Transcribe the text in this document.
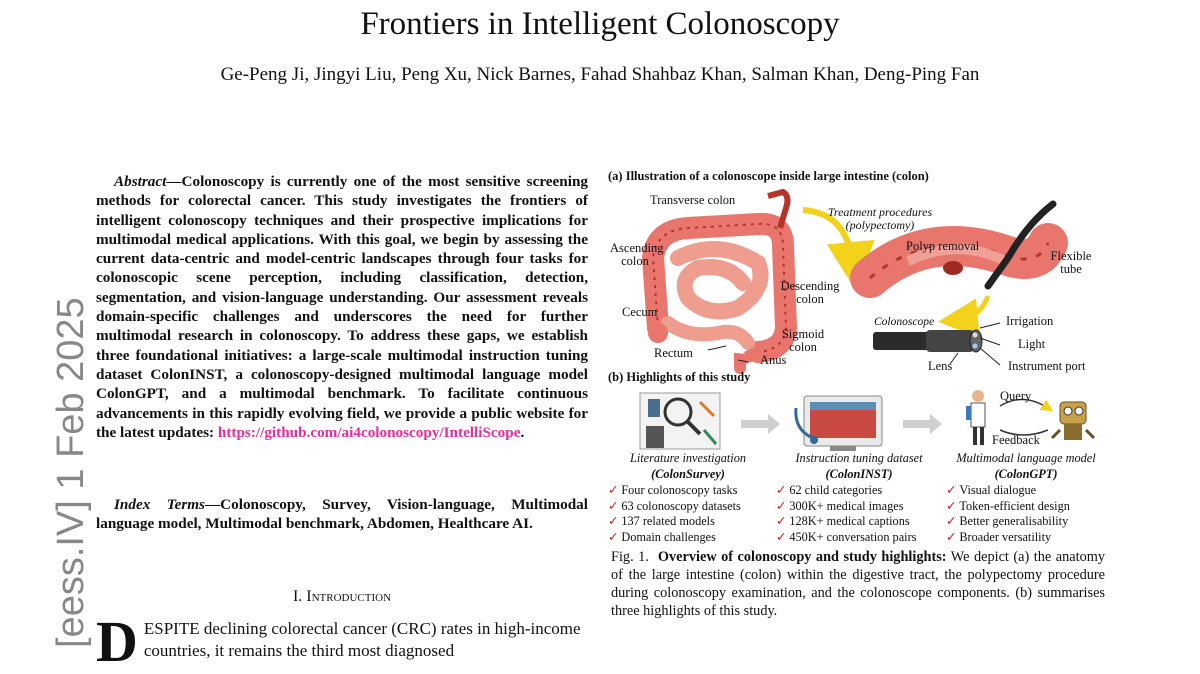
Frontiers in Intelligent Colonoscopy
Ge-Peng Ji, Jingyi Liu, Peng Xu, Nick Barnes, Fahad Shahbaz Khan, Salman Khan, Deng-Ping Fan
[eess.IV] 1 Feb 2025

Abstract—Colonoscopy is currently one of the most sensitive screening methods for colorectal cancer. This study investigates the frontiers of intelligent colonoscopy techniques and their prospective implications for multimodal medical applications. With this goal, we begin by assessing the current data-centric and model-centric landscapes through four tasks for colonoscopic scene perception, including classification, detection, segmentation, and vision-language understanding. Our assessment reveals domain-specific challenges and underscores the need for further multimodal research in colonoscopy. To address these gaps, we establish three foundational initiatives: a large-scale multimodal instruction tuning dataset ColonINST, a colonoscopy-designed multimodal language model ColonGPT, and a multimodal benchmark. To facilitate continuous advancements in this rapidly evolving field, we provide a public website for the latest updates: https://github.com/ai4colonoscopy/IntelliScope.

Index Terms—Colonoscopy, Survey, Vision-language, Multimodal language model, Multimodal benchmark, Abdomen, Healthcare AI.

I. Introduction

DESPITE declining colorectal cancer (CRC) rates in high-income countries, it remains the third most diagnosed

(a) Illustration of a colonoscope inside large intestine (colon)
Transverse colon
Treatment procedures
(polypectomy)
Ascending
colon
Polyp removal
Flexible
tube
Descending
colon
Cecum
Colonoscope	Irrigation
Sigmoid
colon	Light
Rectum	Anus	Lens	Instrument port
(b) Highlights of this study
Query
Feedback
Literature investigation
(ColonSurvey)
✓ Four colonoscopy tasks
✓ 63 colonoscopy datasets
✓ 137 related models
✓ Domain challenges
Instruction tuning dataset
(ColonINST)
✓ 62 child categories
✓ 300K+ medical images
✓ 128K+ medical captions
✓ 450K+ conversation pairs
Multimodal language model
(ColonGPT)
✓ Visual dialogue
✓ Token-efficient design
✓ Better generalisability
✓ Broader versatility

Fig. 1. Overview of colonoscopy and study highlights: We depict (a) the anatomy of the large intestine (colon) within the digestive tract, the polypectomy procedure during colonoscopy examination, and the colonoscope components. (b) summarises three highlights of this study.
